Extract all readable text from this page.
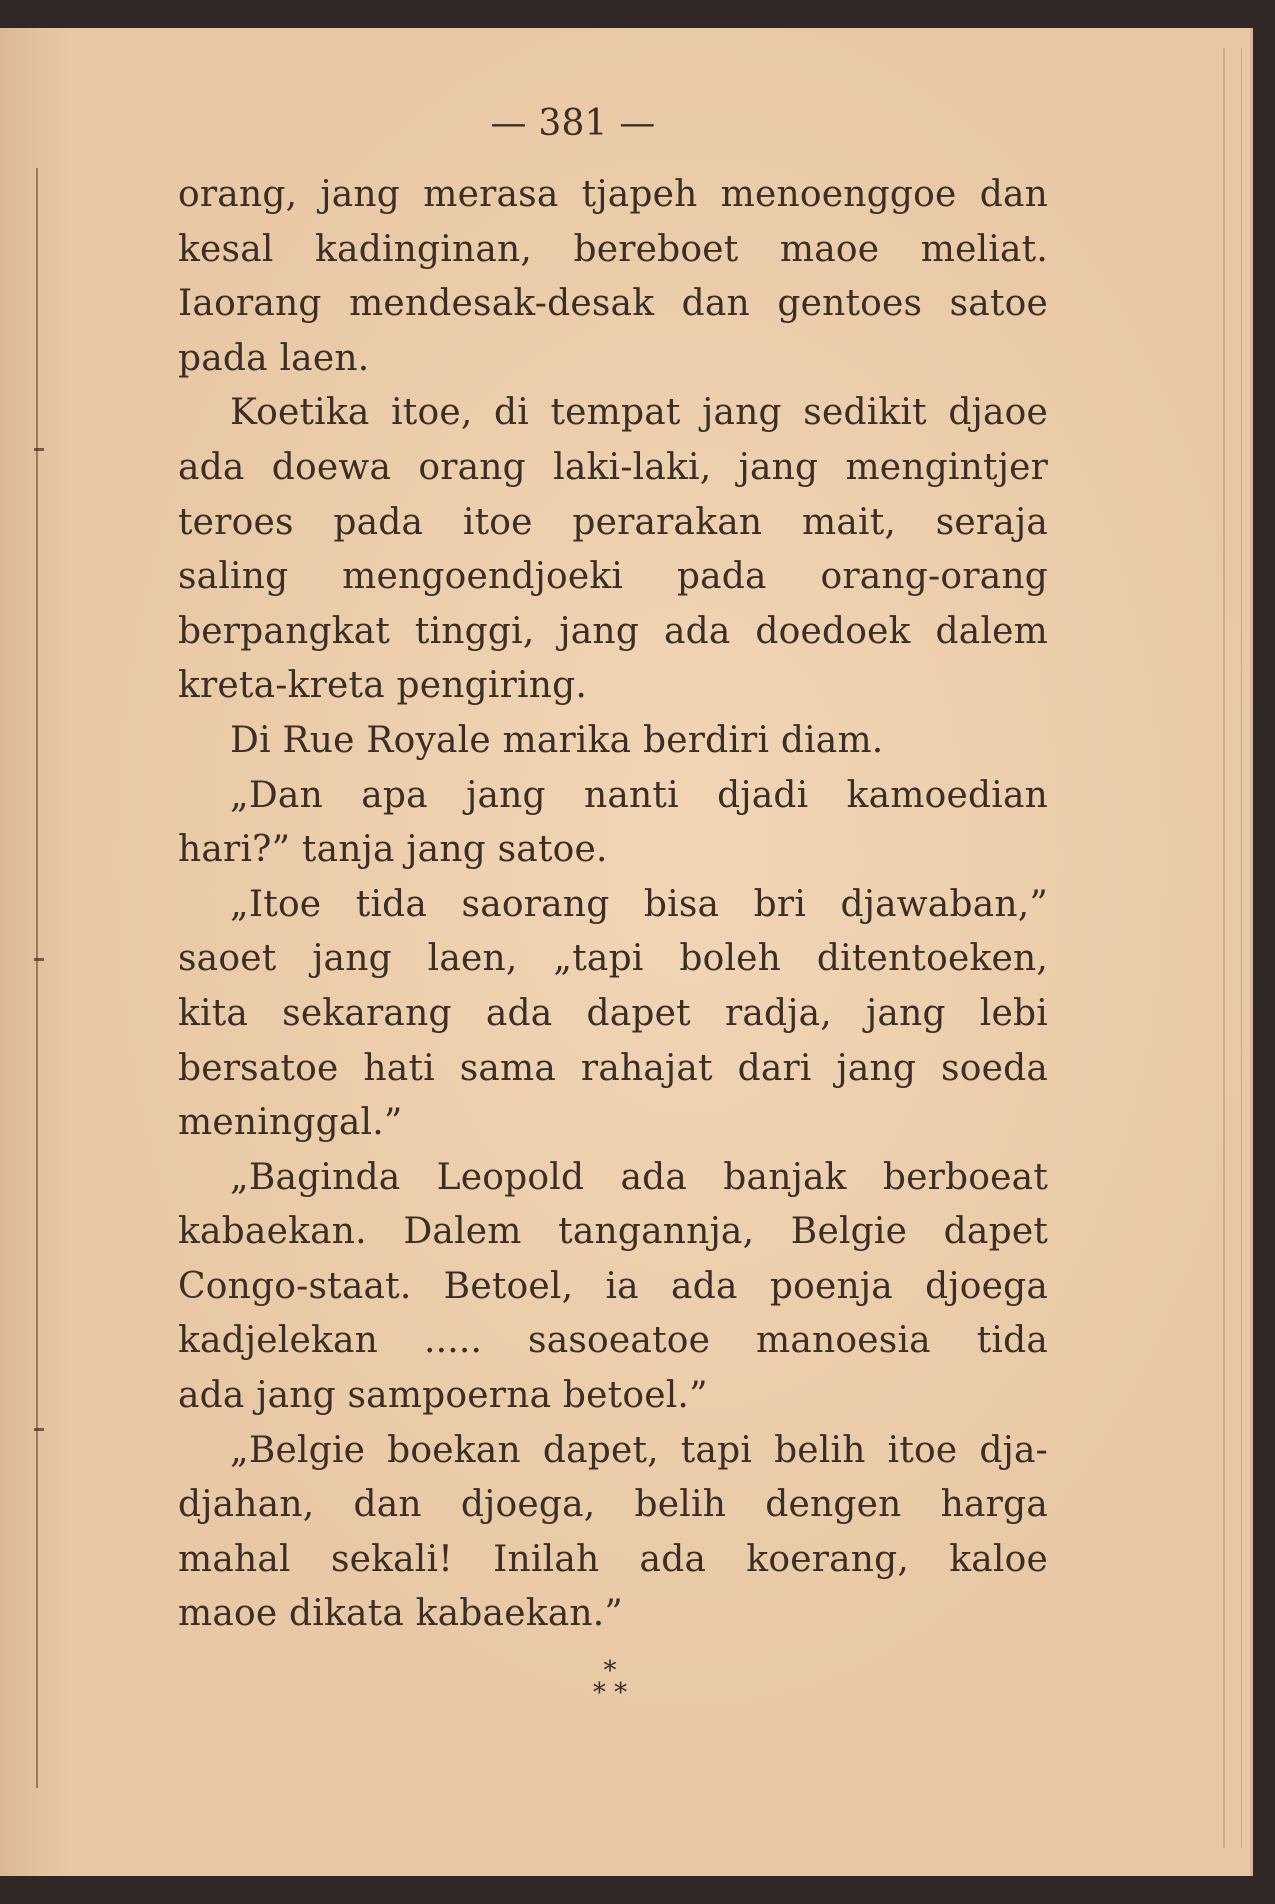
— 381 —
orang, jang merasa tjapeh menoenggoe dan
kesal kadinginan, bereboet maoe meliat.
Iaorang mendesak-desak dan gentoes satoe
pada laen.
Koetika itoe, di tempat jang sedikit djaoe
ada doewa orang laki-laki, jang mengintjer
teroes pada itoe perarakan mait, seraja
saling mengoendjoeki pada orang-orang
berpangkat tinggi, jang ada doedoek dalem
kreta-kreta pengiring.
Di Rue Royale marika berdiri diam.
„Dan apa jang nanti djadi kamoedian
hari?” tanja jang satoe.
„Itoe tida saorang bisa bri djawaban,”
saoet jang laen, „tapi boleh ditentoeken,
kita sekarang ada dapet radja, jang lebi
bersatoe hati sama rahajat dari jang soeda
meninggal.”
„Baginda Leopold ada banjak berboeat
kabaekan. Dalem tangannja, Belgie dapet
Congo-staat. Betoel, ia ada poenja djoega
kadjelekan ..... sasoeatoe manoesia tida
ada jang sampoerna betoel.”
„Belgie boekan dapet, tapi belih itoe dja-
djahan, dan djoega, belih dengen harga
mahal sekali! Inilah ada koerang, kaloe
maoe dikata kabaekan.”
*
* *
